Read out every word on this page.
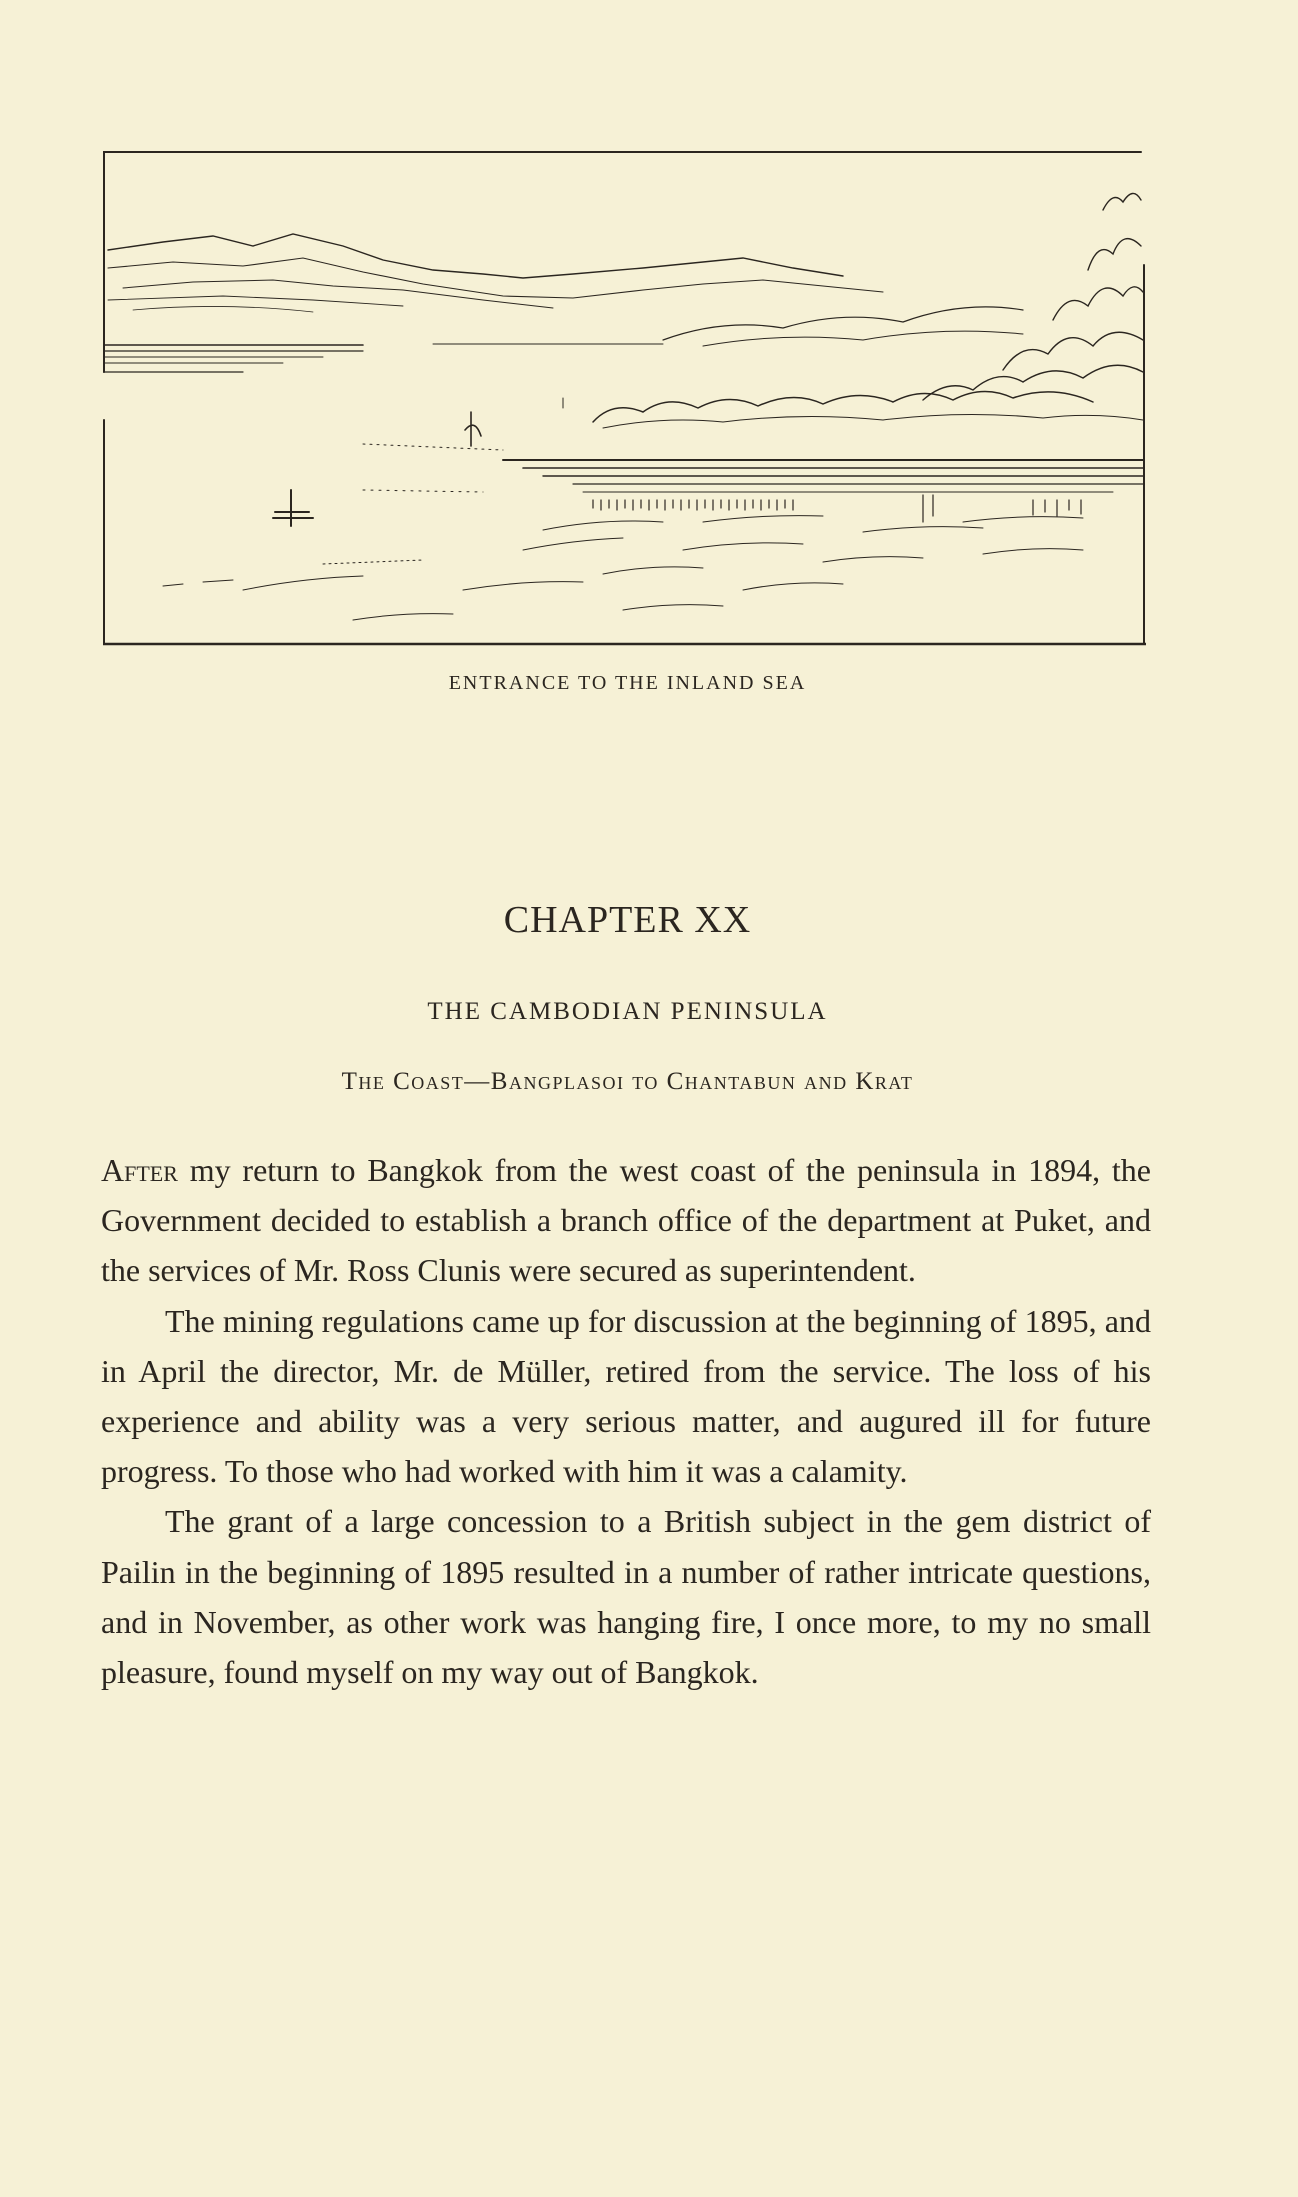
ENTRANCE TO THE INLAND SEA
CHAPTER XX
THE CAMBODIAN PENINSULA
The Coast—Bangplasoi to Chantabun and Krat

After my return to Bangkok from the west coast of the peninsula in 1894, the Government decided to establish a branch office of the department at Puket, and the services of Mr. Ross Clunis were secured as superintendent.

The mining regulations came up for discussion at the beginning of 1895, and in April the director, Mr. de Müller, retired from the service. The loss of his experience and ability was a very serious matter, and augured ill for future progress. To those who had worked with him it was a calamity.

The grant of a large concession to a British subject in the gem district of Pailin in the beginning of 1895 resulted in a number of rather intricate questions, and in November, as other work was hanging fire, I once more, to my no small pleasure, found myself on my way out of Bangkok.
